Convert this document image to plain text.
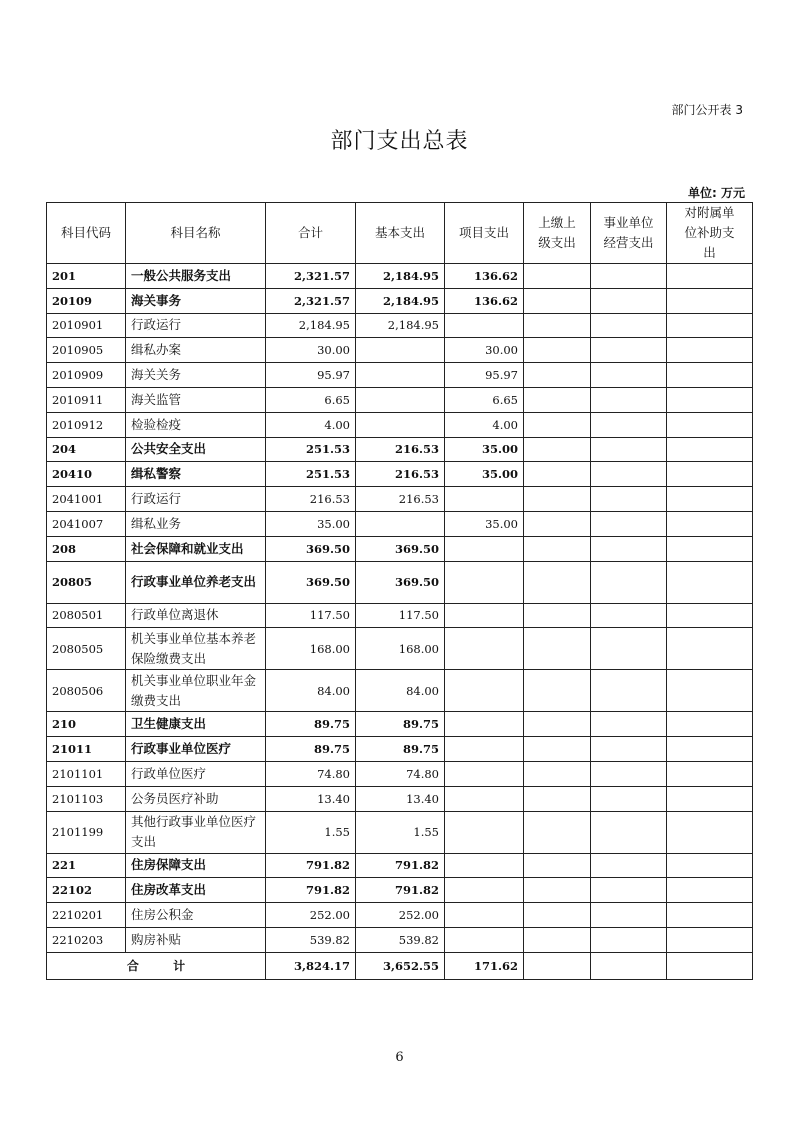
部门公开表 3
部门支出总表
单位: 万元
科目代码	科目名称	合计	基本支出	项目支出	上缴上级支出	事业单位经营支出	对附属单位补助支出
201	一般公共服务支出	2,321.57	2,184.95	136.62			
20109	海关事务	2,321.57	2,184.95	136.62			
2010901	行政运行	2,184.95	2,184.95				
2010905	缉私办案	30.00		30.00			
2010909	海关关务	95.97		95.97			
2010911	海关监管	6.65		6.65			
2010912	检验检疫	4.00		4.00			
204	公共安全支出	251.53	216.53	35.00			
20410	缉私警察	251.53	216.53	35.00			
2041001	行政运行	216.53	216.53				
2041007	缉私业务	35.00		35.00			
208	社会保障和就业支出	369.50	369.50				
20805	行政事业单位养老支出	369.50	369.50				
2080501	行政单位离退休	117.50	117.50				
2080505	机关事业单位基本养老保险缴费支出	168.00	168.00				
2080506	机关事业单位职业年金缴费支出	84.00	84.00				
210	卫生健康支出	89.75	89.75				
21011	行政事业单位医疗	89.75	89.75				
2101101	行政单位医疗	74.80	74.80				
2101103	公务员医疗补助	13.40	13.40				
2101199	其他行政事业单位医疗支出	1.55	1.55				
221	住房保障支出	791.82	791.82				
22102	住房改革支出	791.82	791.82				
2210201	住房公积金	252.00	252.00				
2210203	购房补贴	539.82	539.82				
合 计		3,824.17	3,652.55	171.62			
6
